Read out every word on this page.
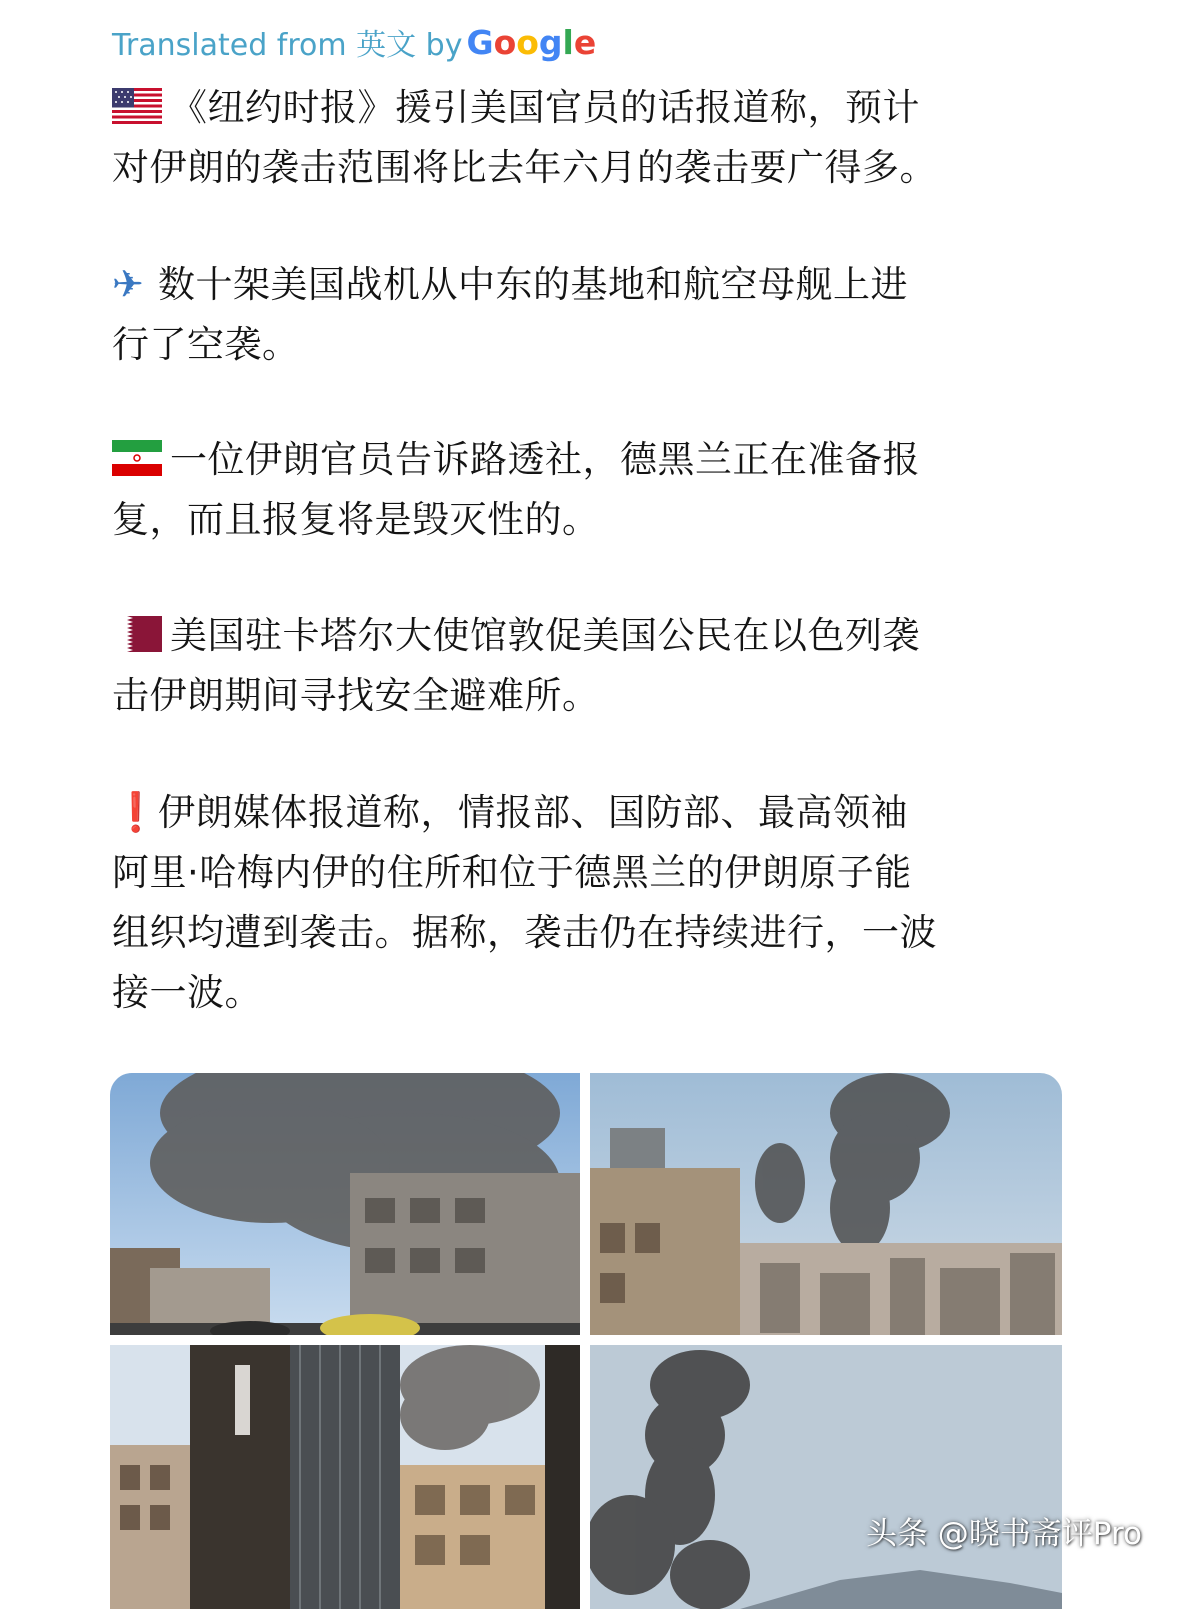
Translated from 英文 by Google
《纽约时报》援引美国官员的话报道称，预计
对伊朗的袭击范围将比去年六月的袭击要广得多。
✈ 数十架美国战机从中东的基地和航空母舰上进
行了空袭。
一位伊朗官员告诉路透社，德黑兰正在准备报
复，而且报复将是毁灭性的。
美国驻卡塔尔大使馆敦促美国公民在以色列袭
击伊朗期间寻找安全避难所。
❗伊朗媒体报道称，情报部、国防部、最高领袖
阿里·哈梅内伊的住所和位于德黑兰的伊朗原子能
组织均遭到袭击。据称，袭击仍在持续进行，一波
接一波。
头条 @晓书斋评Pro
